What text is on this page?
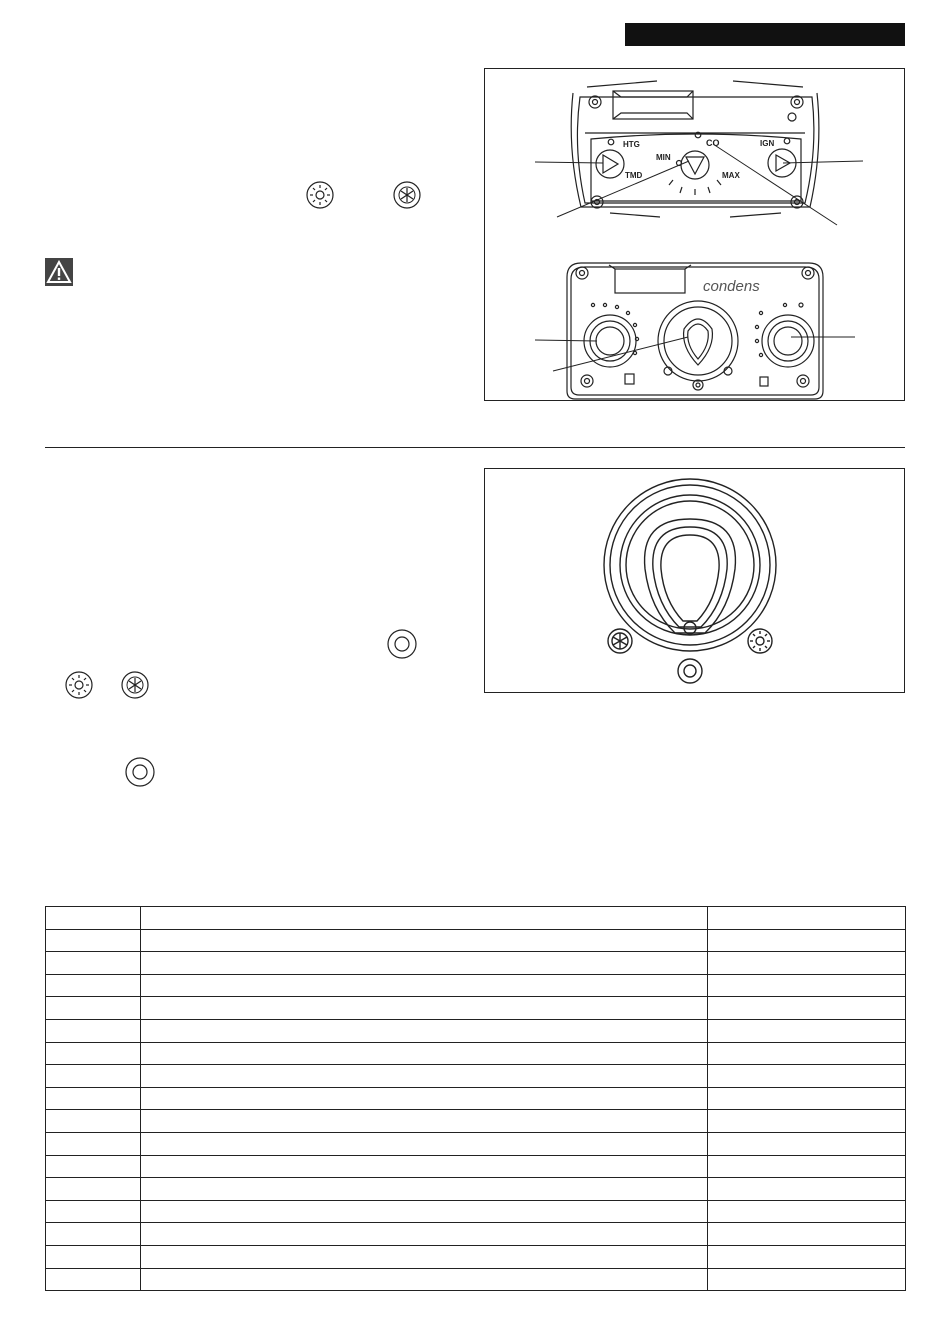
HTG
TMD
MIN
CO
MAX
IGN
condens
